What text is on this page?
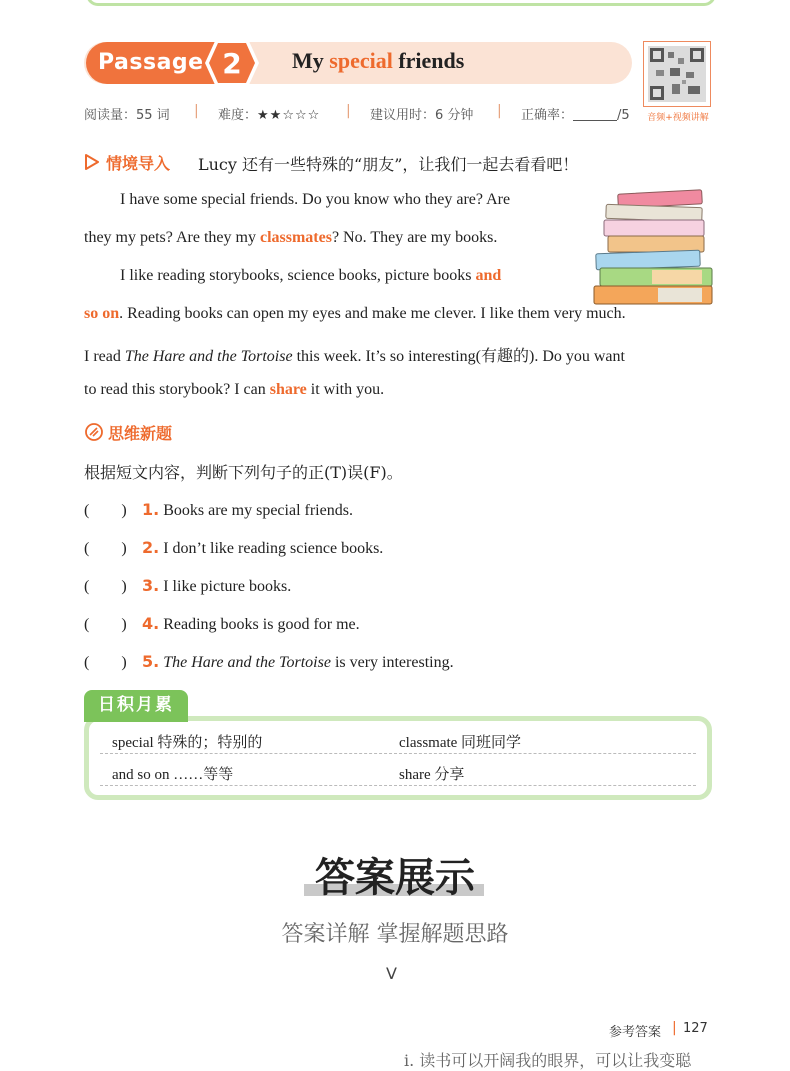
Passage 2	My special friends
音频+视频讲解
阅读量：55 词 | 难度：★★☆☆☆ | 建议用时：6 分钟 | 正确率：	/5
情境导入 Lucy 还有一些特殊的“朋友”，让我们一起去看看吧！
I have some special friends. Do you know who they are? Are
they my pets? Are they my classmates? No. They are my books.
I like reading storybooks, science books, picture books and
so on. Reading books can open my eyes and make me clever. I like them very much.
I read The Hare and the Tortoise this week. It’s so interesting(有趣的). Do you want
to read this storybook? I can share it with you.
思维新题
根据短文内容，判断下列句子的正(T)误(F)。
(　　) 1. Books are my special friends.
(　　) 2. I don’t like reading science books.
(　　) 3. I like picture books.
(　　) 4. Reading books is good for me.
(　　) 5. The Hare and the Tortoise is very interesting.
日积月累
special 特殊的；特别的	classmate 同班同学
and so on ……等等	share 分享
答案展示
答案详解 掌握解题思路
V
参考答案 | 127
i. 读书可以开阔我的眼界，可以让我变聪
